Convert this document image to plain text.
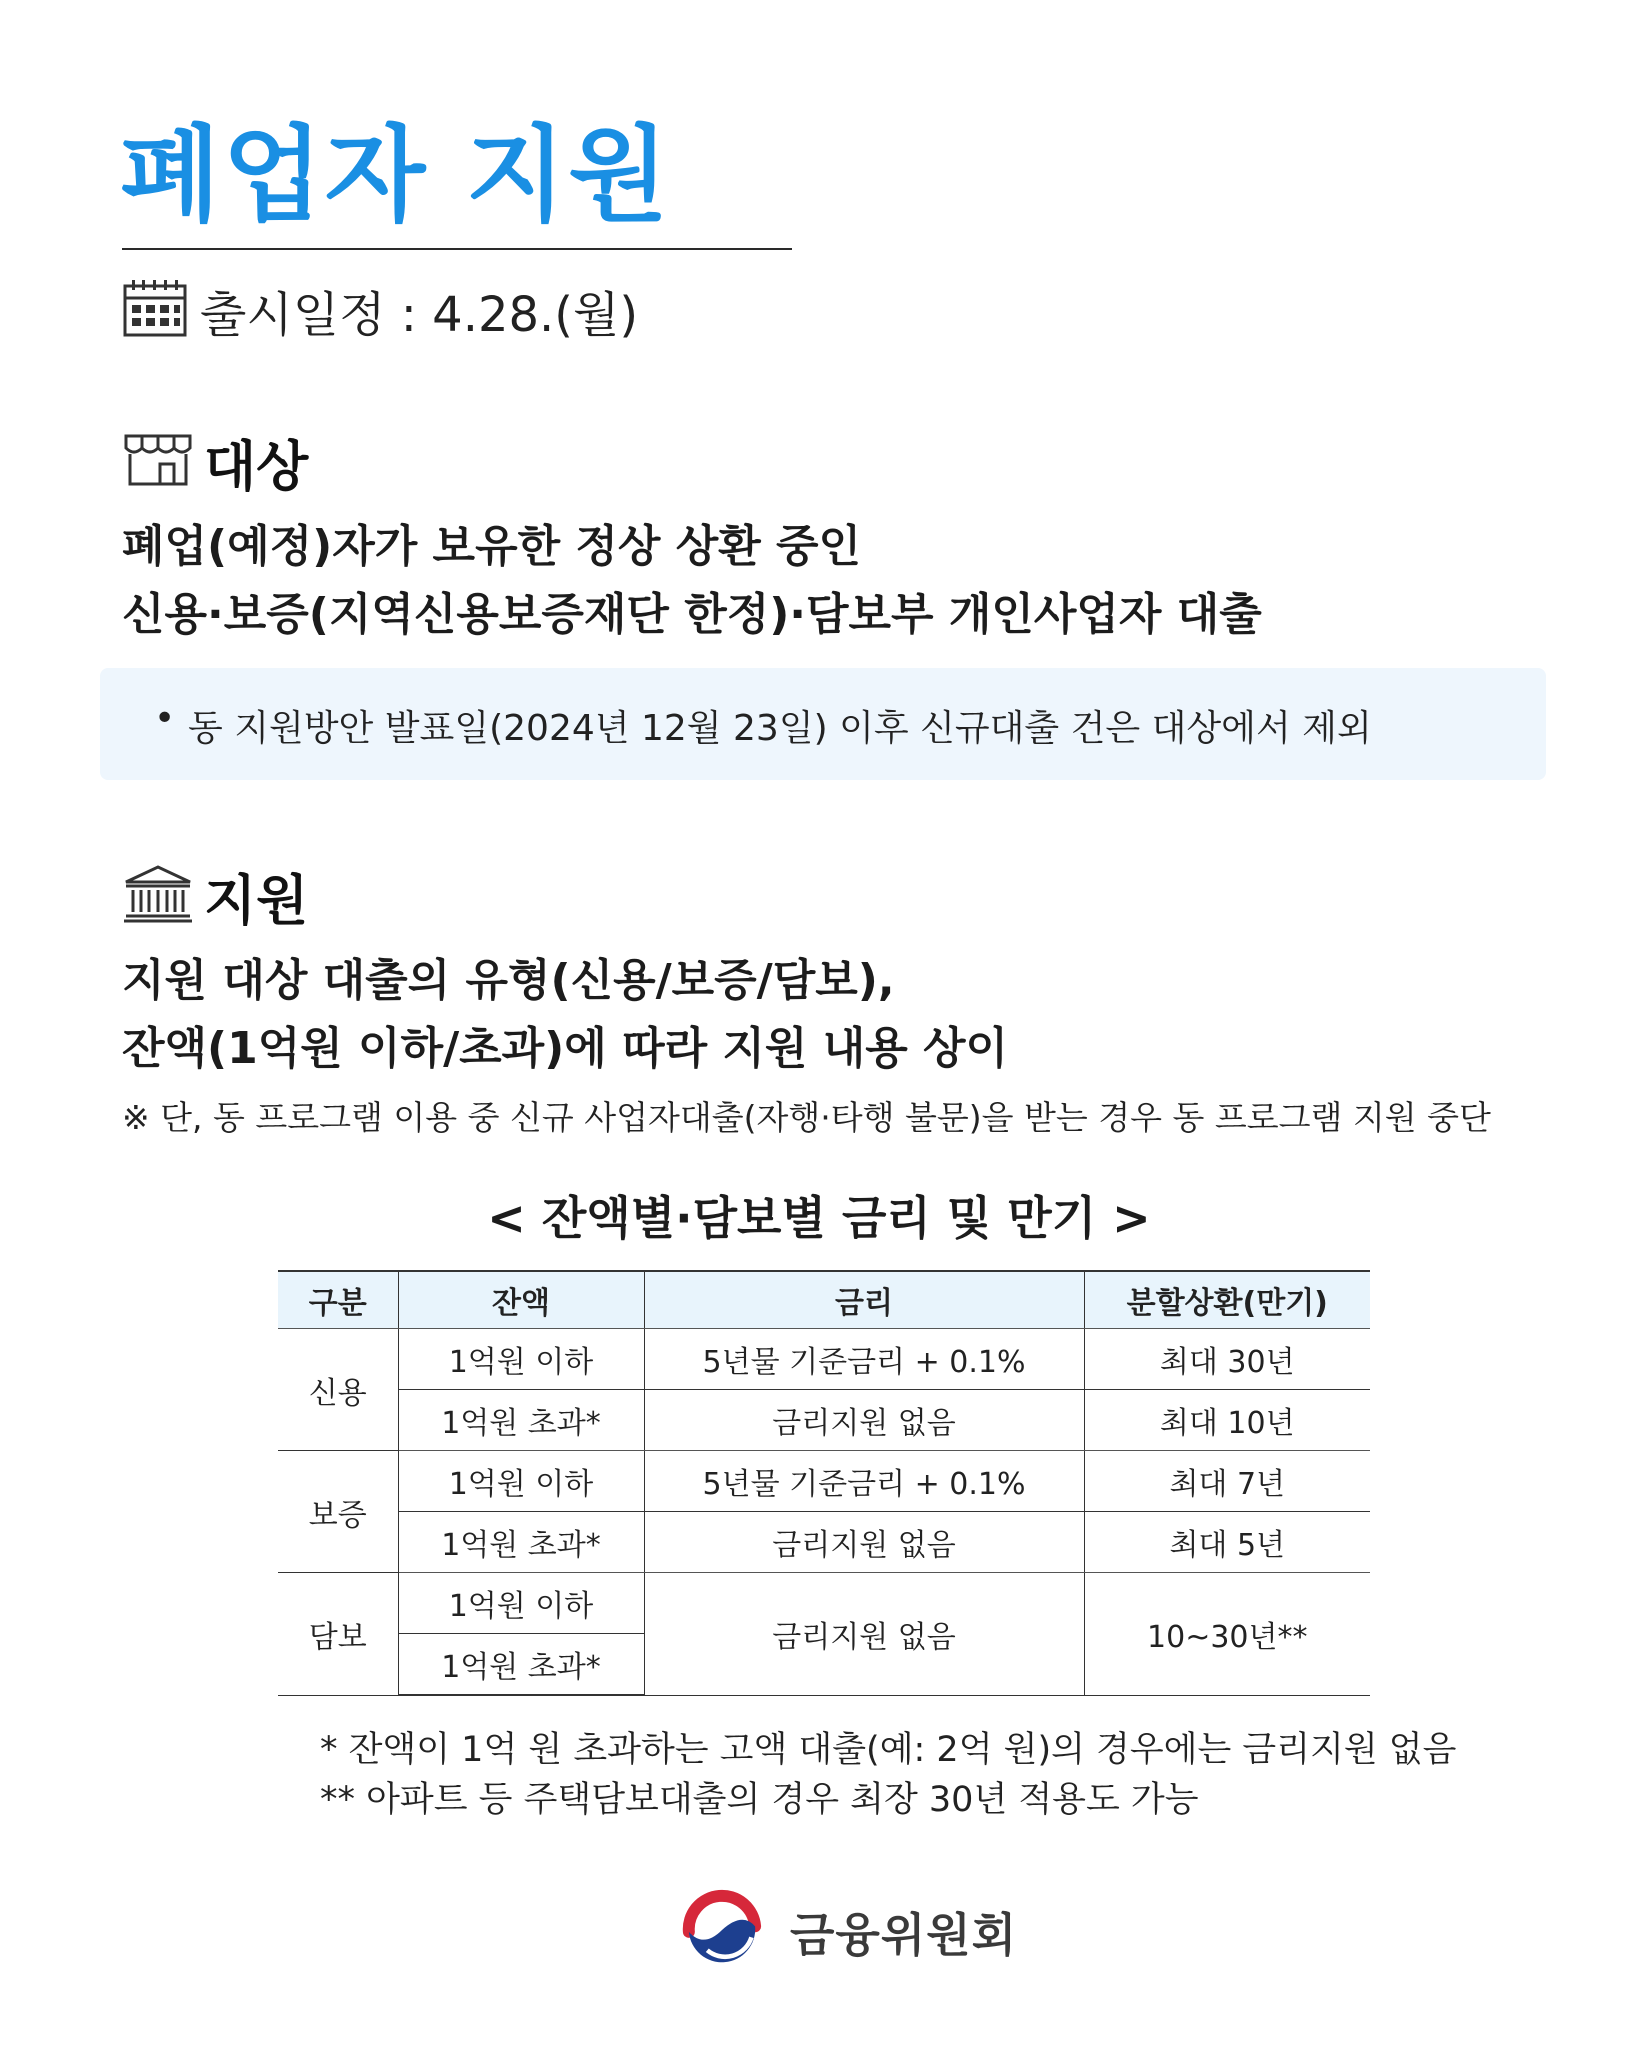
폐업자 지원
출시일정 : 4.28.(월)
대상
폐업(예정)자가 보유한 정상 상환 중인
신용·보증(지역신용보증재단 한정)·담보부 개인사업자 대출
• 동 지원방안 발표일(2024년 12월 23일) 이후 신규대출 건은 대상에서 제외
지원
지원 대상 대출의 유형(신용/보증/담보),
잔액(1억원 이하/초과)에 따라 지원 내용 상이
※ 단, 동 프로그램 이용 중 신규 사업자대출(자행·타행 불문)을 받는 경우 동 프로그램 지원 중단
< 잔액별·담보별 금리 및 만기 >
구분	잔액	금리	분할상환(만기)
신용	1억원 이하	5년물 기준금리 + 0.1%	최대 30년
	1억원 초과*	금리지원 없음	최대 10년
보증	1억원 이하	5년물 기준금리 + 0.1%	최대 7년
	1억원 초과*	금리지원 없음	최대 5년
담보	1억원 이하	금리지원 없음	10~30년**
	1억원 초과*		
* 잔액이 1억 원 초과하는 고액 대출(예: 2억 원)의 경우에는 금리지원 없음
** 아파트 등 주택담보대출의 경우 최장 30년 적용도 가능
금융위원회
